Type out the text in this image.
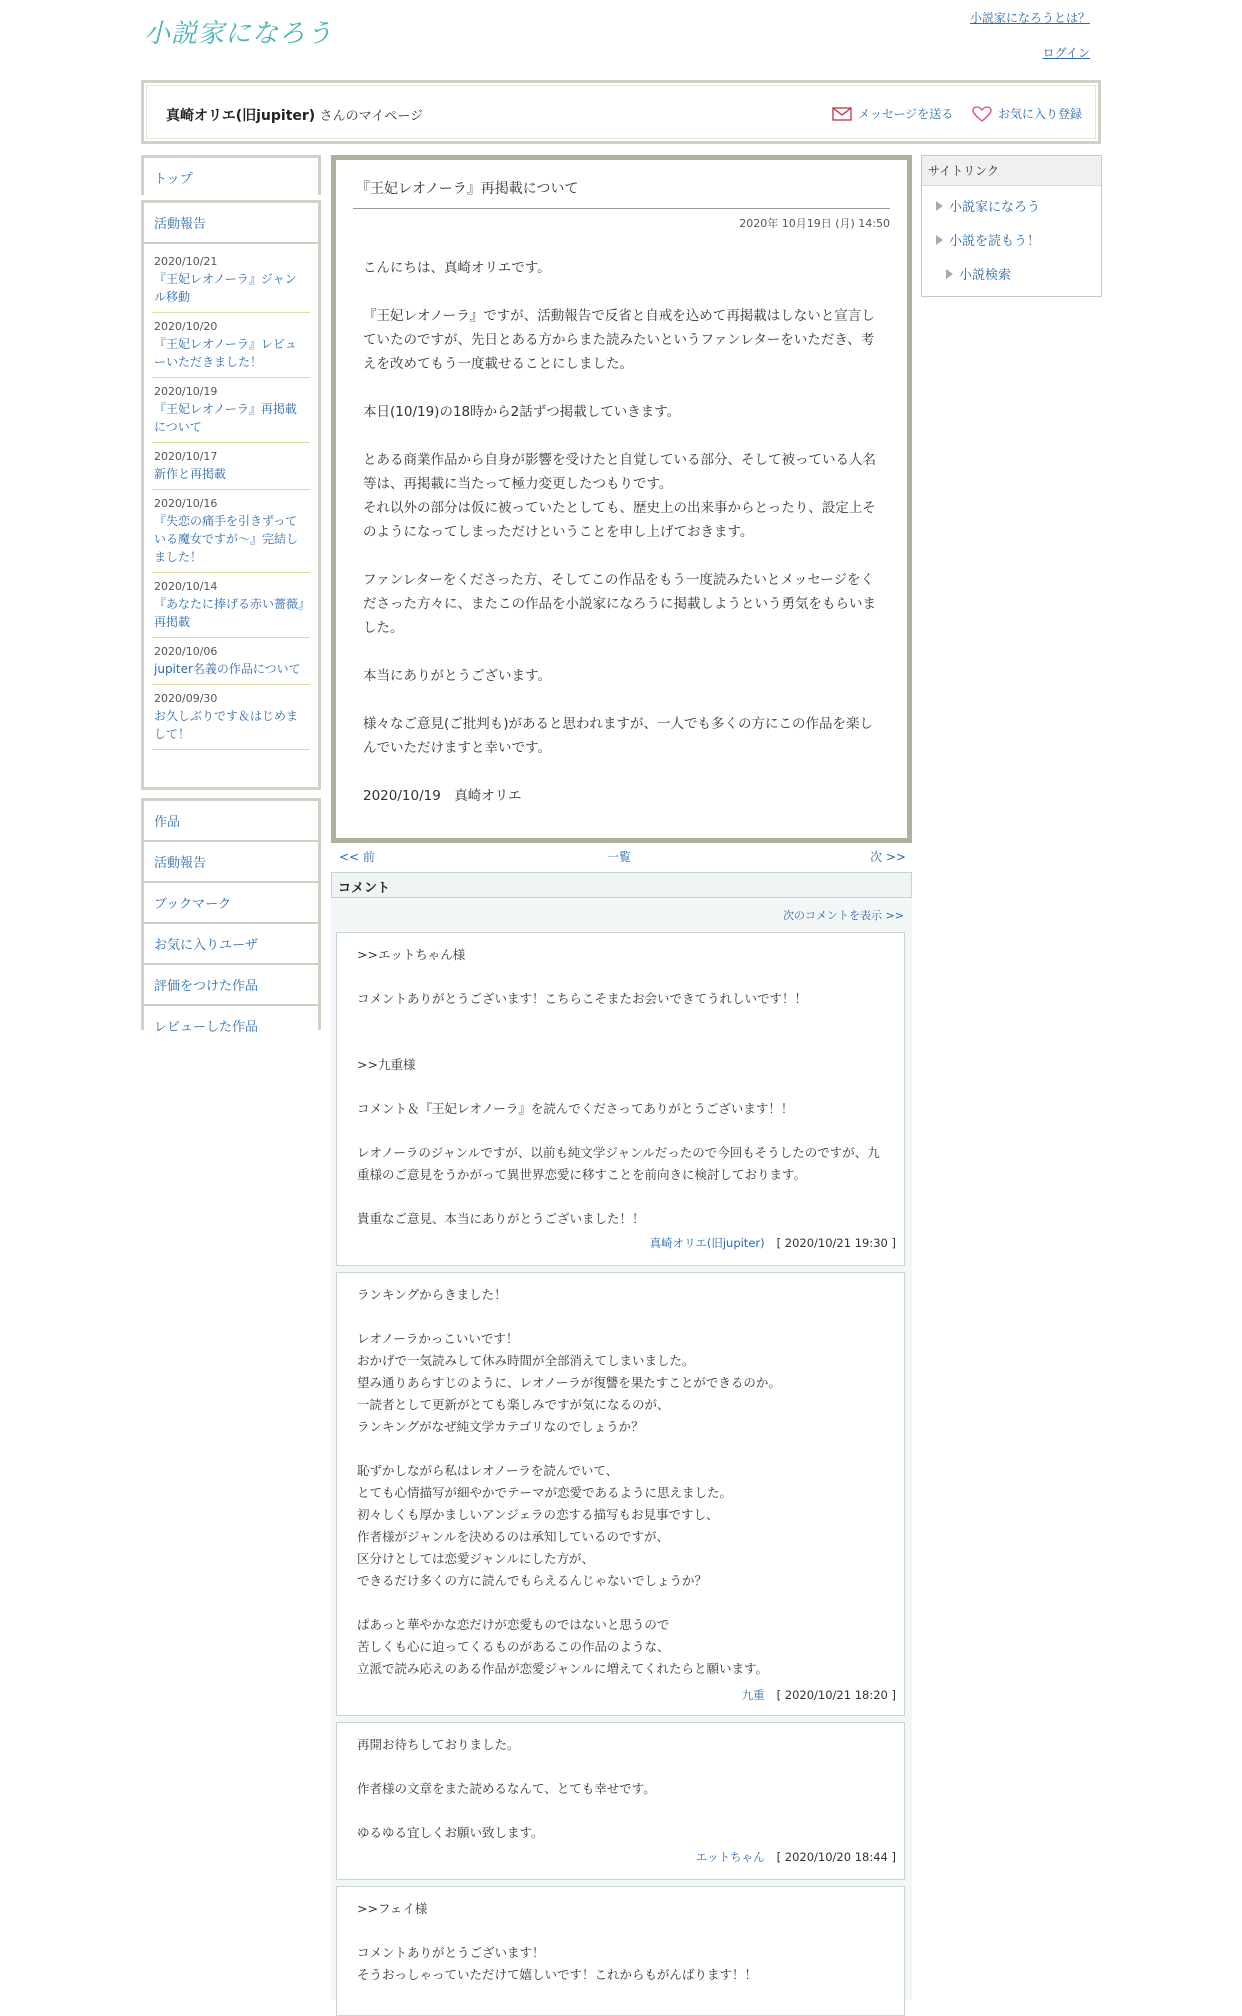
小説家になろう
小説家になろうとは？
ログイン
真崎オリエ(旧jupiter) さんのマイページ	メッセージを送る	お気に入り登録
トップ
活動報告
2020/10/21
『王妃レオノーラ』ジャンル移動
2020/10/20
『王妃レオノーラ』レビューいただきました！
2020/10/19
『王妃レオノーラ』再掲載について
2020/10/17
新作と再掲載
2020/10/16
『失恋の痛手を引きずっている魔女ですが～』完結しました！
2020/10/14
『あなたに捧げる赤い薔薇』再掲載
2020/10/06
jupiter名義の作品について
2020/09/30
お久しぶりです＆はじめまして！
作品
活動報告
ブックマーク
お気に入りユーザ
評価をつけた作品
レビューした作品
『王妃レオノーラ』再掲載について
2020年 10月19日 (月) 14:50

こんにちは、真崎オリエです。

『王妃レオノーラ』ですが、活動報告で反省と自戒を込めて再掲載はしないと宣言していたのですが、先日とある方からまた読みたいというファンレターをいただき、考えを改めてもう一度載せることにしました。

本日(10/19)の18時から2話ずつ掲載していきます。

とある商業作品から自身が影響を受けたと自覚している部分、そして被っている人名等は、再掲載に当たって極力変更したつもりです。
それ以外の部分は仮に被っていたとしても、歴史上の出来事からとったり、設定上そのようになってしまっただけということを申し上げておきます。

ファンレターをくださった方、そしてこの作品をもう一度読みたいとメッセージをくださった方々に、またこの作品を小説家になろうに掲載しようという勇気をもらいました。

本当にありがとうございます。

様々なご意見(ご批判も)があると思われますが、一人でも多くの方にこの作品を楽しんでいただけますと幸いです。

2020/10/19　真崎オリエ

<< 前	一覧	次 >>
コメント
次のコメントを表示 >>
>>エットちゃん様

コメントありがとうございます！こちらこそまたお会いできてうれしいです！！

>>九重様

コメント＆『王妃レオノーラ』を読んでくださってありがとうございます！！

レオノーラのジャンルですが、以前も純文学ジャンルだったので今回もそうしたのですが、九重様のご意見をうかがって異世界恋愛に移すことを前向きに検討しております。

貴重なご意見、本当にありがとうございました！！
真崎オリエ(旧jupiter) [ 2020/10/21 19:30 ]
ランキングからきました！

レオノーラかっこいいです！
おかげで一気読みして休み時間が全部消えてしまいました。
望み通りあらすじのように、レオノーラが復讐を果たすことができるのか。
一読者として更新がとても楽しみですが気になるのが、
ランキングがなぜ純文学カテゴリなのでしょうか？

恥ずかしながら私はレオノーラを読んでいて、
とても心情描写が細やかでテーマが恋愛であるように思えました。
初々しくも厚かましいアンジェラの恋する描写もお見事ですし、
作者様がジャンルを決めるのは承知しているのですが、
区分けとしては恋愛ジャンルにした方が、
できるだけ多くの方に読んでもらえるんじゃないでしょうか？

ぱあっと華やかな恋だけが恋愛ものではないと思うので
苦しくも心に迫ってくるものがあるこの作品のような、
立派で読み応えのある作品が恋愛ジャンルに増えてくれたらと願います。
九重 [ 2020/10/21 18:20 ]
再開お待ちしておりました。

作者様の文章をまた読めるなんて、とても幸せです。

ゆるゆる宜しくお願い致します。
エットちゃん [ 2020/10/20 18:44 ]
>>フェイ様

コメントありがとうございます！
そうおっしゃっていただけて嬉しいです！これからもがんばります！！
サイトリンク
小説家になろう
小説を読もう！
小説検索
